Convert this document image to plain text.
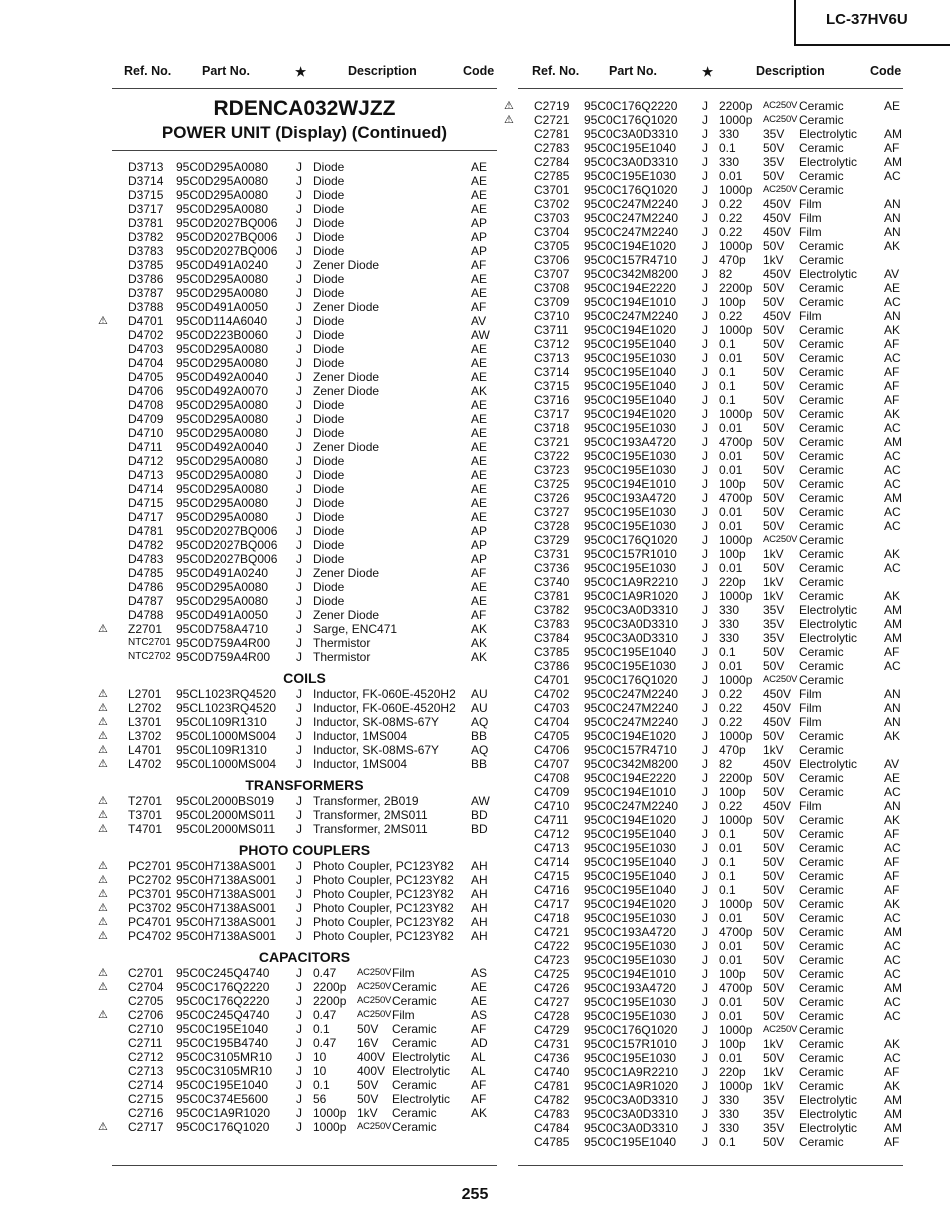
LC-37HV6U
Ref. No. Part No.	★	Description	Code	Ref. No. Part No.	★	Description	Code
RDENCA032WJZZ
POWER UNIT (Display) (Continued)
D3713 95C0D295A0080 J Diode	AE
D3714 95C0D295A0080 J Diode	AE
D3715 95C0D295A0080 J Diode	AE
D3717 95C0D295A0080 J Diode	AE
D3781 95C0D2027BQ006 J Diode	AP
D3782 95C0D2027BQ006 J Diode	AP
D3783 95C0D2027BQ006 J Diode	AP
D3785 95C0D491A0240 J Zener Diode	AF
D3786 95C0D295A0080 J Diode	AE
D3787 95C0D295A0080 J Diode	AE
D3788 95C0D491A0050 J Zener Diode	AF
⚠ D4701 95C0D114A6040 J Diode	AV
D4702 95C0D223B0060 J Diode	AW
D4703 95C0D295A0080 J Diode	AE
D4704 95C0D295A0080 J Diode	AE
D4705 95C0D492A0040 J Zener Diode	AE
D4706 95C0D492A0070 J Zener Diode	AK
D4708 95C0D295A0080 J Diode	AE
D4709 95C0D295A0080 J Diode	AE
D4710 95C0D295A0080 J Diode	AE
D4711 95C0D492A0040 J Zener Diode	AE
D4712 95C0D295A0080 J Diode	AE
D4713 95C0D295A0080 J Diode	AE
D4714 95C0D295A0080 J Diode	AE
D4715 95C0D295A0080 J Diode	AE
D4717 95C0D295A0080 J Diode	AE
D4781 95C0D2027BQ006 J Diode	AP
D4782 95C0D2027BQ006 J Diode	AP
D4783 95C0D2027BQ006 J Diode	AP
D4785 95C0D491A0240 J Zener Diode	AF
D4786 95C0D295A0080 J Diode	AE
D4787 95C0D295A0080 J Diode	AE
D4788 95C0D491A0050 J Zener Diode	AF
⚠ Z2701 95C0D758A4710 J Sarge, ENC471	AK
NTC2701 95C0D759A4R00 J Thermistor	AK
NTC2702 95C0D759A4R00 J Thermistor	AK
COILS
⚠ L2701 95CL1023RQ4520 J Inductor, FK-060E-4520H2 AU
⚠ L2702 95CL1023RQ4520 J Inductor, FK-060E-4520H2 AU
⚠ L3701 95C0L109R1310 J Inductor, SK-08MS-67Y	AQ
⚠ L3702 95C0L1000MS004 J Inductor, 1MS004	BB
⚠ L4701 95C0L109R1310 J Inductor, SK-08MS-67Y	AQ
⚠ L4702 95C0L1000MS004 J Inductor, 1MS004	BB
TRANSFORMERS
⚠ T2701 95C0L2000BS019 J Transformer, 2B019	AW
⚠ T3701 95C0L2000MS011 J Transformer, 2MS011	BD
⚠ T4701 95C0L2000MS011 J Transformer, 2MS011	BD
PHOTO COUPLERS
⚠ PC2701 95C0H7138AS001 J Photo Coupler, PC123Y82 AH
⚠ PC2702 95C0H7138AS001 J Photo Coupler, PC123Y82 AH
⚠ PC3701 95C0H7138AS001 J Photo Coupler, PC123Y82 AH
⚠ PC3702 95C0H7138AS001 J Photo Coupler, PC123Y82 AH
⚠ PC4701 95C0H7138AS001 J Photo Coupler, PC123Y82 AH
⚠ PC4702 95C0H7138AS001 J Photo Coupler, PC123Y82 AH
CAPACITORS
⚠ C2701 95C0C245Q4740 J 0.47 AC250V Film	AS
⚠ C2704 95C0C176Q2220 J 2200p AC250V Ceramic	AE
C2705 95C0C176Q2220 J 2200p AC250V Ceramic	AE
⚠ C2706 95C0C245Q4740 J 0.47 AC250V Film	AS
C2710 95C0C195E1040 J 0.1 50V Ceramic	AF
C2711 95C0C195B4740 J 0.47 16V Ceramic	AD
C2712 95C0C3105MR10 J 10	400V Electrolytic AL
C2713 95C0C3105MR10 J 10	400V Electrolytic AL
C2714 95C0C195E1040 J 0.1 50V Ceramic	AF
C2715 95C0C374E5600 J 56	50V Electrolytic AF
C2716 95C0C1A9R1020 J 1000p 1kV Ceramic	AK
⚠ C2717 95C0C176Q1020 J 1000p AC250V Ceramic
⚠ C2719 95C0C176Q2220 J 2200p AC250V Ceramic	AE
⚠ C2721 95C0C176Q1020 J 1000p AC250V Ceramic
C2781 95C0C3A0D3310 J 330 35V Electrolytic AM
C2783 95C0C195E1040 J 0.1 50V Ceramic	AF
C2784 95C0C3A0D3310 J 330 35V Electrolytic AM
C2785 95C0C195E1030 J 0.01 50V Ceramic	AC
C3701 95C0C176Q1020 J 1000p AC250V Ceramic
C3702 95C0C247M2240 J 0.22 450V Film	AN
C3703 95C0C247M2240 J 0.22 450V Film	AN
C3704 95C0C247M2240 J 0.22 450V Film	AN
C3705 95C0C194E1020 J 1000p 50V Ceramic	AK
C3706 95C0C157R4710 J 470p 1kV Ceramic
C3707 95C0C342M8200 J 82	450V Electrolytic AV
C3708 95C0C194E2220 J 2200p 50V Ceramic	AE
C3709 95C0C194E1010 J 100p 50V Ceramic	AC
C3710 95C0C247M2240 J 0.22 450V Film	AN
C3711 95C0C194E1020 J 1000p 50V Ceramic	AK
C3712 95C0C195E1040 J 0.1 50V Ceramic	AF
C3713 95C0C195E1030 J 0.01 50V Ceramic	AC
C3714 95C0C195E1040 J 0.1 50V Ceramic	AF
C3715 95C0C195E1040 J 0.1 50V Ceramic	AF
C3716 95C0C195E1040 J 0.1 50V Ceramic	AF
C3717 95C0C194E1020 J 1000p 50V Ceramic	AK
C3718 95C0C195E1030 J 0.01 50V Ceramic	AC
C3721 95C0C193A4720 J 4700p 50V Ceramic	AM
C3722 95C0C195E1030 J 0.01 50V Ceramic	AC
C3723 95C0C195E1030 J 0.01 50V Ceramic	AC
C3725 95C0C194E1010 J 100p 50V Ceramic	AC
C3726 95C0C193A4720 J 4700p 50V Ceramic	AM
C3727 95C0C195E1030 J 0.01 50V Ceramic	AC
C3728 95C0C195E1030 J 0.01 50V Ceramic	AC
C3729 95C0C176Q1020 J 1000p AC250V Ceramic
C3731 95C0C157R1010 J 100p 1kV Ceramic	AK
C3736 95C0C195E1030 J 0.01 50V Ceramic	AC
C3740 95C0C1A9R2210 J 220p 1kV Ceramic
C3781 95C0C1A9R1020 J 1000p 1kV Ceramic	AK
C3782 95C0C3A0D3310 J 330 35V Electrolytic AM
C3783 95C0C3A0D3310 J 330 35V Electrolytic AM
C3784 95C0C3A0D3310 J 330 35V Electrolytic AM
C3785 95C0C195E1040 J 0.1 50V Ceramic	AF
C3786 95C0C195E1030 J 0.01 50V Ceramic	AC
C4701 95C0C176Q1020 J 1000p AC250V Ceramic
C4702 95C0C247M2240 J 0.22 450V Film	AN
C4703 95C0C247M2240 J 0.22 450V Film	AN
C4704 95C0C247M2240 J 0.22 450V Film	AN
C4705 95C0C194E1020 J 1000p 50V Ceramic	AK
C4706 95C0C157R4710 J 470p 1kV Ceramic
C4707 95C0C342M8200 J 82	450V Electrolytic AV
C4708 95C0C194E2220 J 2200p 50V Ceramic	AE
C4709 95C0C194E1010 J 100p 50V Ceramic	AC
C4710 95C0C247M2240 J 0.22 450V Film	AN
C4711 95C0C194E1020 J 1000p 50V Ceramic	AK
C4712 95C0C195E1040 J 0.1 50V Ceramic	AF
C4713 95C0C195E1030 J 0.01 50V Ceramic	AC
C4714 95C0C195E1040 J 0.1 50V Ceramic	AF
C4715 95C0C195E1040 J 0.1 50V Ceramic	AF
C4716 95C0C195E1040 J 0.1 50V Ceramic	AF
C4717 95C0C194E1020 J 1000p 50V Ceramic	AK
C4718 95C0C195E1030 J 0.01 50V Ceramic	AC
C4721 95C0C193A4720 J 4700p 50V Ceramic	AM
C4722 95C0C195E1030 J 0.01 50V Ceramic	AC
C4723 95C0C195E1030 J 0.01 50V Ceramic	AC
C4725 95C0C194E1010 J 100p 50V Ceramic	AC
C4726 95C0C193A4720 J 4700p 50V Ceramic	AM
C4727 95C0C195E1030 J 0.01 50V Ceramic	AC
C4728 95C0C195E1030 J 0.01 50V Ceramic	AC
C4729 95C0C176Q1020 J 1000p AC250V Ceramic
C4731 95C0C157R1010 J 100p 1kV Ceramic	AK
C4736 95C0C195E1030 J 0.01 50V Ceramic	AC
C4740 95C0C1A9R2210 J 220p 1kV Ceramic	AF
C4781 95C0C1A9R1020 J 1000p 1kV Ceramic	AK
C4782 95C0C3A0D3310 J 330 35V Electrolytic AM
C4783 95C0C3A0D3310 J 330 35V Electrolytic AM
C4784 95C0C3A0D3310 J 330 35V Electrolytic AM
C4785 95C0C195E1040 J 0.1 50V Ceramic	AF
255
